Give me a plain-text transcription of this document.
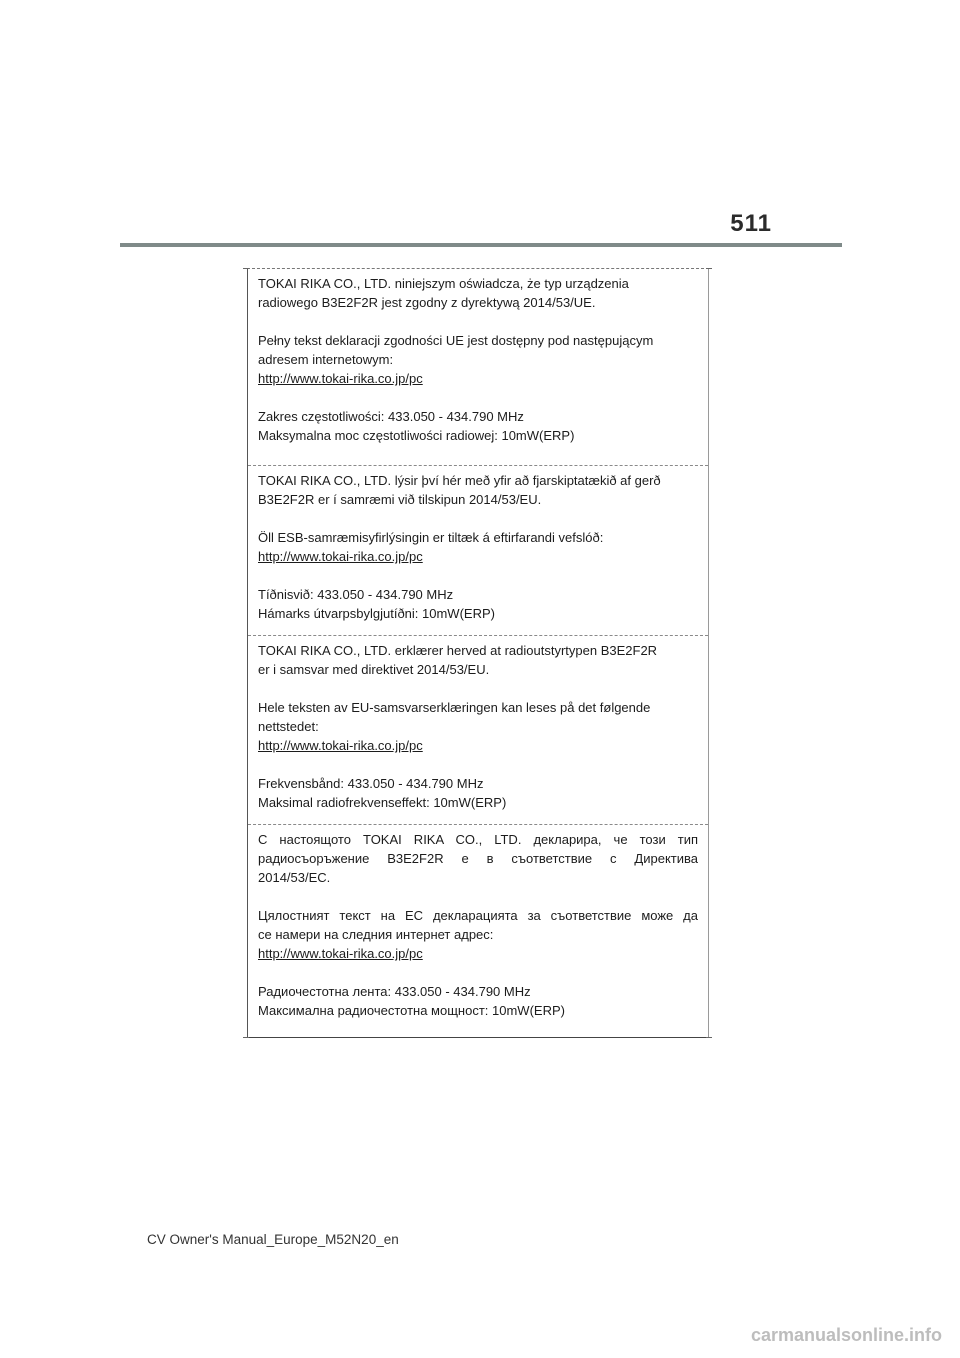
511

TOKAI RIKA CO., LTD. niniejszym oświadcza, że typ urządzenia
radiowego B3E2F2R jest zgodny z dyrektywą 2014/53/UE.

Pełny tekst deklaracji zgodności UE jest dostępny pod następującym
adresem internetowym:
http://www.tokai-rika.co.jp/pc

Zakres częstotliwości: 433.050 - 434.790 MHz
Maksymalna moc częstotliwości radiowej: 10mW(ERP)

TOKAI RIKA CO., LTD. lýsir því hér með yfir að fjarskiptatækið af gerð
B3E2F2R er í samræmi við tilskipun 2014/53/EU.

Öll ESB-samræmisyfirlýsingin er tiltæk á eftirfarandi vefslóð:
http://www.tokai-rika.co.jp/pc

Tíðnisvið: 433.050 - 434.790 MHz
Hámarks útvarpsbylgjutíðni: 10mW(ERP)

TOKAI RIKA CO., LTD. erklærer herved at radioutstyrtypen B3E2F2R
er i samsvar med direktivet 2014/53/EU.

Hele teksten av EU-samsvarserklæringen kan leses på det følgende
nettstedet:
http://www.tokai-rika.co.jp/pc

Frekvensbånd: 433.050 - 434.790 MHz
Maksimal radiofrekvenseffekt: 10mW(ERP)

С настоящото TOKAI RIKA CO., LTD. декларира, че този тип
радиосъоръжение B3E2F2R е в съответствие с Директива
2014/53/ЕС.

Цялостният текст на ЕС декларацията за съответствие може да
се намери на следния интернет адрес:
http://www.tokai-rika.co.jp/pc

Радиочестотна лента: 433.050 - 434.790 MHz
Максимална радиочестотна мощност: 10mW(ERP)

CV Owner's Manual_Europe_M52N20_en
carmanualsonline.info
